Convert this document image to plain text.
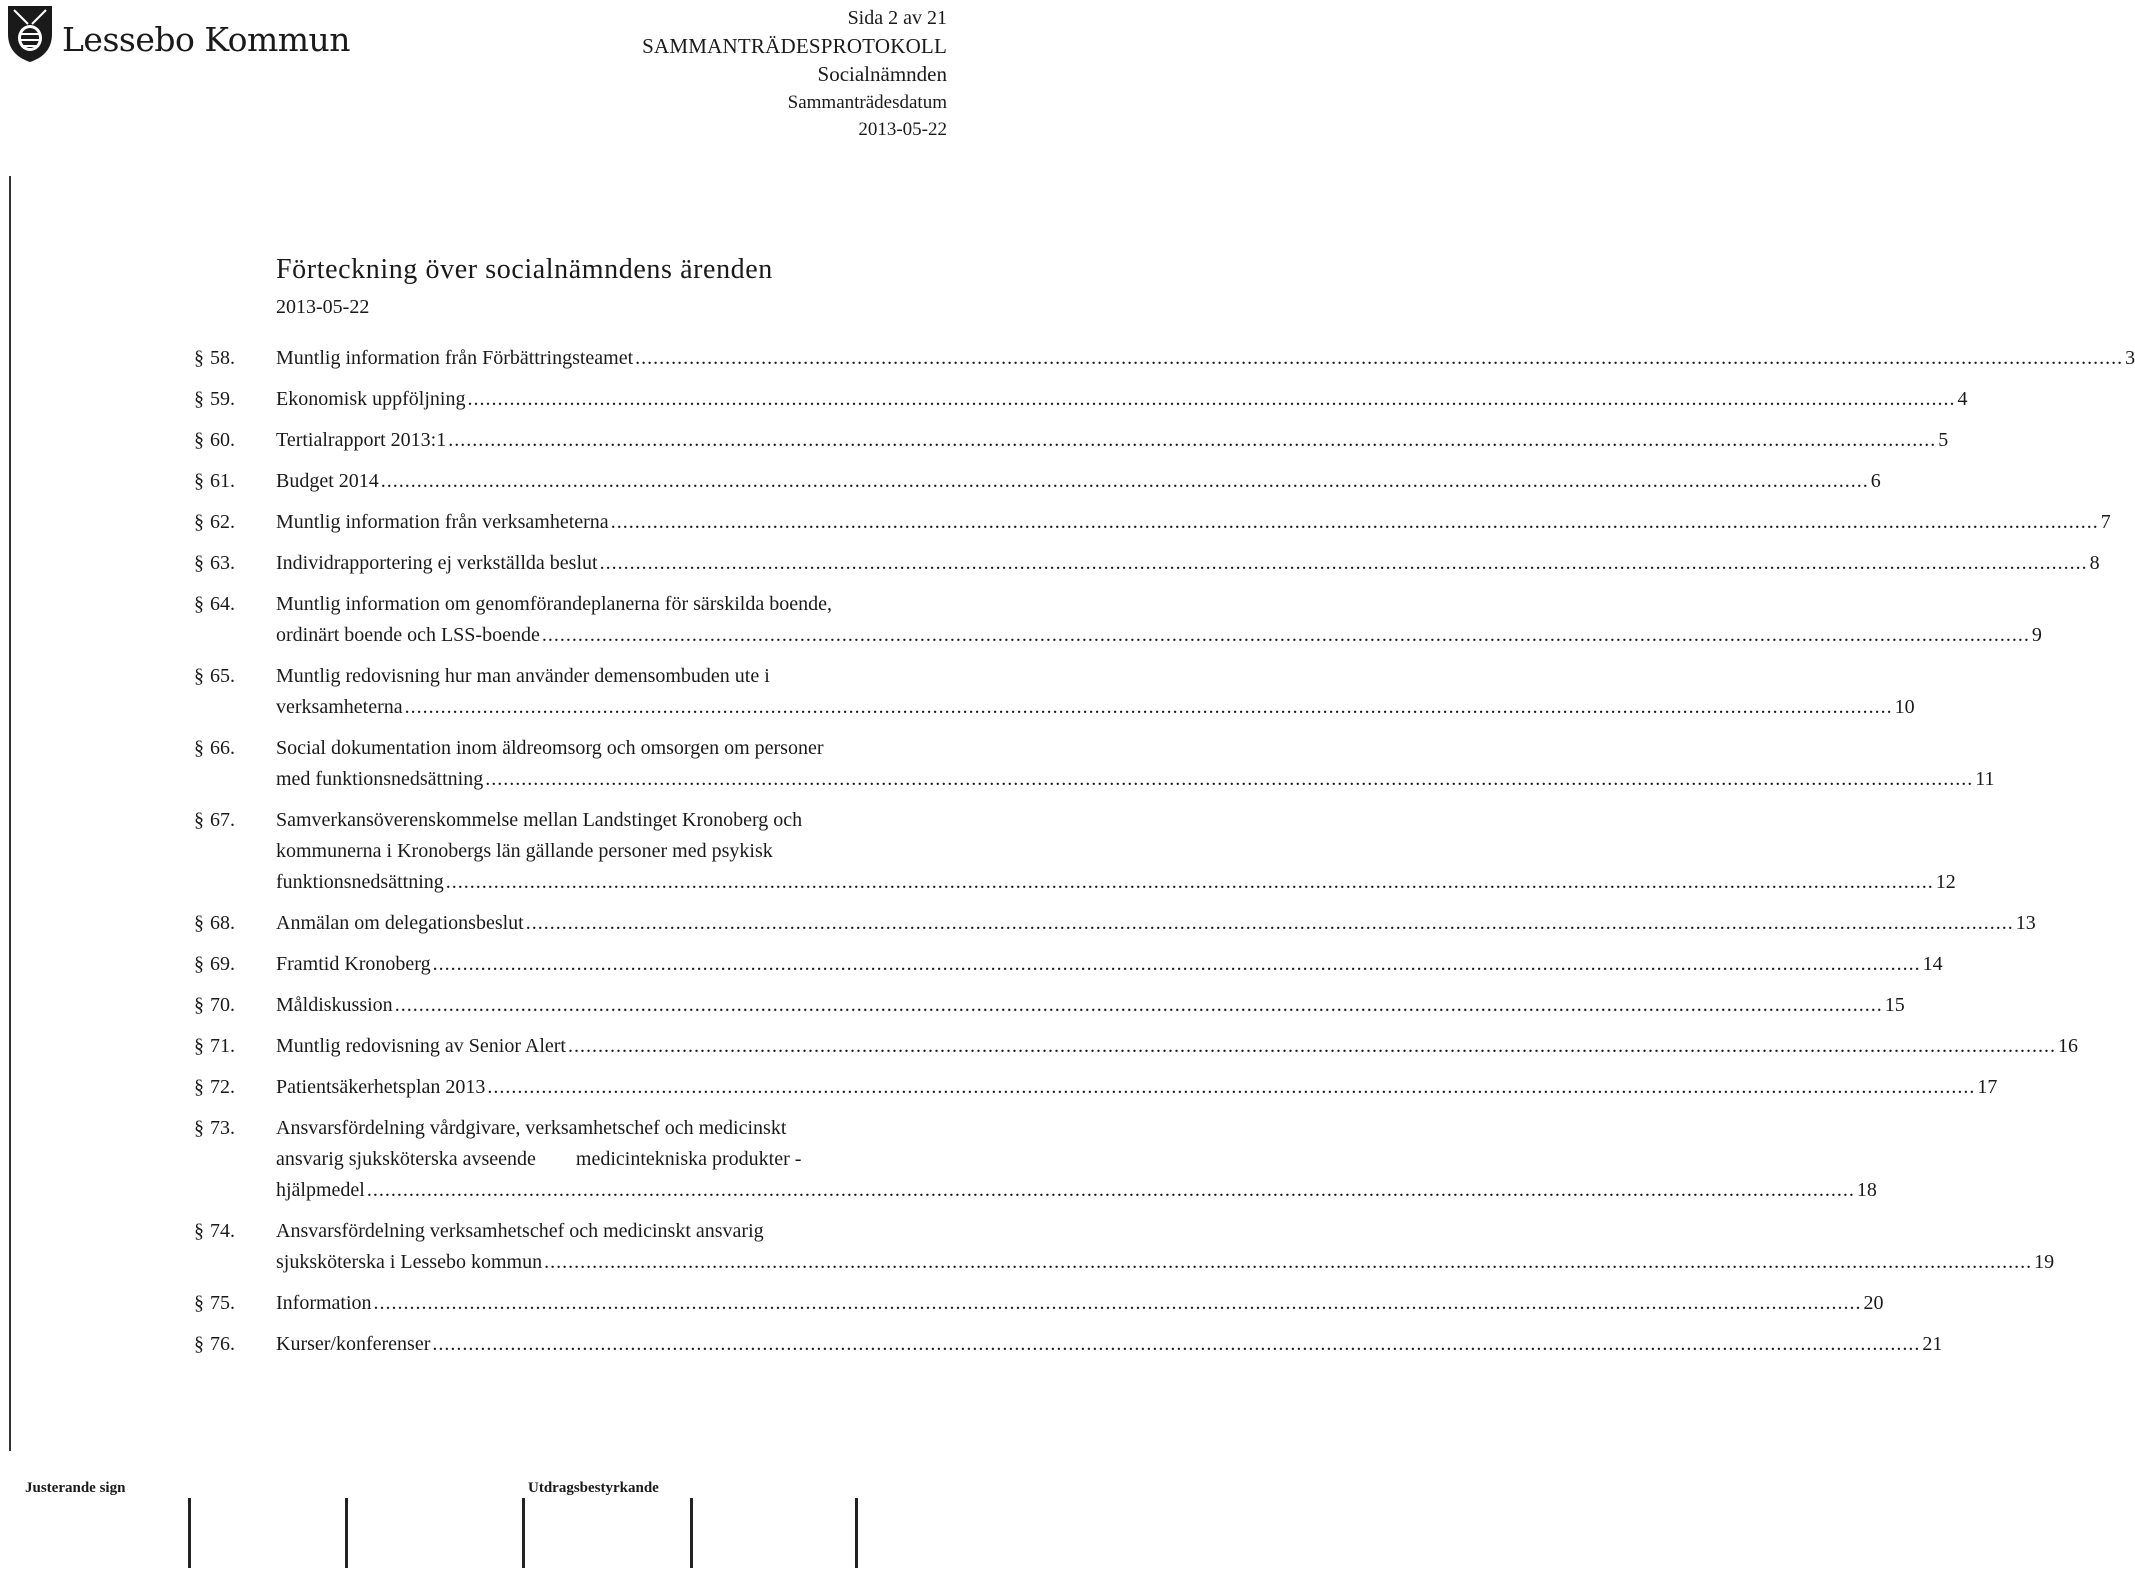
Lessebo Kommun
Sida 2 av 21
SAMMANTRÄDESPROTOKOLL
Socialnämnden
Sammanträdesdatum
2013-05-22
Förteckning över socialnämndens ärenden
2013-05-22
§ 58.	Muntlig information från Förbättringsteamet .....	3
§ 59.	Ekonomisk uppföljning .....	4
§ 60.	Tertialrapport 2013:1 .....	5
§ 61.	Budget 2014 .....	6
§ 62.	Muntlig information från verksamheterna .....	7
§ 63.	Individrapportering ej verkställda beslut .....	8
§ 64.	Muntlig information om genomförandeplanerna för särskilda boende,
ordinärt boende och LSS-boende .....	9
§ 65.	Muntlig redovisning hur man använder demensombuden ute i
verksamheterna .....	10
§ 66.	Social dokumentation inom äldreomsorg och omsorgen om personer
med funktionsnedsättning .....	11
§ 67.	Samverkansöverenskommelse mellan Landstinget Kronoberg och
kommunerna i Kronobergs län gällande personer med psykisk
funktionsnedsättning .....	12
§ 68.	Anmälan om delegationsbeslut .....	13
§ 69.	Framtid Kronoberg .....	14
§ 70.	Måldiskussion .....	15
§ 71.	Muntlig redovisning av Senior Alert .....	16
§ 72.	Patientsäkerhetsplan 2013 .....	17
§ 73.	Ansvarsfördelning vårdgivare, verksamhetschef och medicinskt
ansvarig sjuksköterska avseende        medicintekniska produkter -
hjälpmedel .....	18
§ 74.	Ansvarsfördelning verksamhetschef och medicinskt ansvarig
sjuksköterska i Lessebo kommun .....	19
§ 75.	Information .....	20
§ 76.	Kurser/konferenser .....	21
Justerande sign	Utdragsbestyrkande
